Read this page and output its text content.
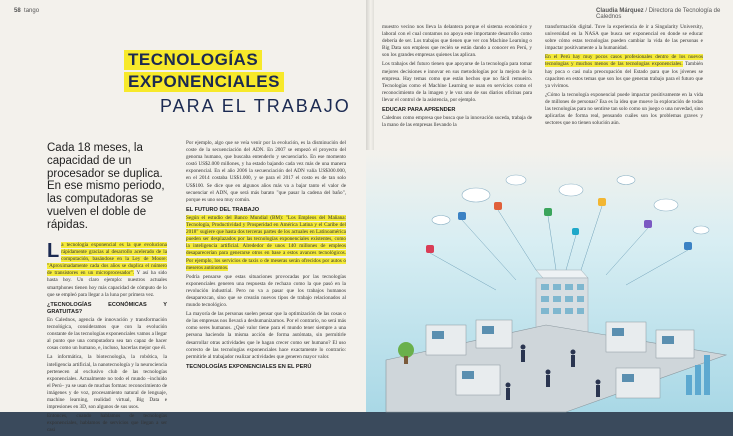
58 tango
TECNOLOGÍAS
EXPONENCIALES
PARA EL TRABAJO
Cada 18 meses, la capacidad de un procesador se duplica. En ese mismo periodo, las computadoras se vuelven el doble de rápidas.

La tecnología exponencial es la que evoluciona rápidamente gracias al desarrollo acelerado de la computación, basándose en la Ley de Moore: "Aproximadamente cada dos años se duplica el número de transistores en un microprocesador". Y así ha sido hasta hoy. Un claro ejemplo: nuestros actuales smartphones tienen hoy más capacidad de cómputo de lo que se empleó para llegar a la luna por primera vez.

¿TECNOLOGÍAS ECONÓMICAS Y GRATUITAS?

En Calednos, agencia de innovación y transformación tecnológica, consideramos que con la evolución constante de las tecnologías exponenciales vamos a llegar al punto que una computadora sea tan capaz de hacer cosas como un humano, e, incluso, hacerlas mejor que él.

La informática, la biotecnología, la robótica, la inteligencia artificial, la nanotecnología y la neurociencia pertenecen al exclusivo club de las tecnologías exponenciales. Actualmente no todo el mundo –incluido el Perú– ya se usan de muchas formas: reconocimiento de imágenes y de voz, procesamiento natural de lenguaje, machine learning, realidad virtual, Big Data e impresiones en 3D, son algunos de sus usos.

Entonces, cuando hablamos de tecnologías exponenciales, hablamos de servicios que llegan a ser casi

Por ejemplo, algo que se veía venir por la evolución, es la disminución del coste de la secuenciación del ADN. En 2007 se empezó el proyecto del genoma humano, que buscaba entenderlo y secuenciarlo. En ese momento costó US$2.000 millones, y ha estado bajando cada vez más de una manera exponencial. En el año 2006 la secuenciación del ADN valía US$300.000, en el 2014 costaba US$1.000, y se para el 2017 el costo es de tan solo US$100. Se dice que en algunos años más va a bajar tanto el valor de secuenciar el ADN, que será más barato "que pasar la cadena del baño", porque es uno sea muy común.

EL FUTURO DEL TRABAJO

Según el estudio del Banco Mundial (BM): "Los Empleos del Mañana: Tecnología, Productividad y Prosperidad en América Latina y el Caribe del 2018" sugiere que hasta dos terceras partes de los actuales en Latinoamérica pueden ser desplazados por las tecnologías exponenciales existentes, como la inteligencia artificial. Alrededor de unos 140 millones de empleos desaparecerían para generarse otros en base a estos avances tecnológicos. Por ejemplo, los servicios de taxis o de meseras serán ofrecidos por autos o meseros autónomos.

Podría pensarse que estas situaciones provocadas por las tecnologías exponenciales generen una respuesta de rechazo como la que pasó en la revolución industrial. Pero no va a pasar que los trabajos humanos desaparezcan, sino que se crearán nuevos tipos de trabajo relacionados al mundo tecnológico.

La mayoría de las personas suelen pensar que la optimización de las cosas o de las empresas nos llevará a deshumanizarnos. Por el contrario, no será más como seres humanos. ¿Qué valor tiene para el mundo tener siempre a una persona haciendo la misma acción de forma autómata, sin permitirle desarrollar otras actividades que le hagan crecer como ser humano? El uso correcto de las tecnologías exponenciales hace exactamente lo contrario: permitirle al trabajador realizar actividades que generen mayor valor.

TECNOLOGÍAS EXPONENCIALES EN EL PERÚ
Claudia Márquez / Directora de Tecnología de Calednos

muestro vecino nos lleva la delantera porque el sistema económico y laboral con el cual contamos no apoya este importante desarrollo como debería de ser. Los trabajos que tienen que ver con Machine Learning o Big Data son empleos que recién se están dando a conocer en Perú, y son los grandes empresas quienes las aplican.

Los trabajos del futuro tienen que apoyarse de la tecnología para tomar mejores decisiones e innovar en sus metodologías por la mejora de la empresa. Hay temas como que están hechos que no fácil remueiro. Tecnologías como el Machine Learning se usan en servicios como el reconocimiento de la imagen y le voz uno de sus diarios oficinas para llevar el control de la asistencia, por ejemplo.

EDUCAR PARA APRENDER

Calednos como empresa que busca que la innovación suceda, trabaja de la mano de las empresas llevando la

transformación digital. Tuve la experiencia de ir a Singularity University, universidad en la NASA que busca ser exponencial en donde se educar sobre cómo estas tecnologías pueden cambiar la vida de las personas e impactar positivamente a la humanidad.

En el Perú hay muy pocos casos profesionales dentro de los nuevos tecnologías y muchos menos de las tecnologías exponenciales. También hay poca o casi nula preocupación del Estado para que los jóvenes se capaciten en estos temas que son los que generan trabajo para el futuro que ya vivimos.

¿Cómo la tecnología exponencial puede impactar positivamente en la vida de millones de personas? Esa es la idea que mueve la exploración de todas las tecnologías para no sentirse tan solo como un juego o una novedad, sino aplicarlas de forma real, pensando cuáles son los problemas graves y sectores que no tienen solución aún.
